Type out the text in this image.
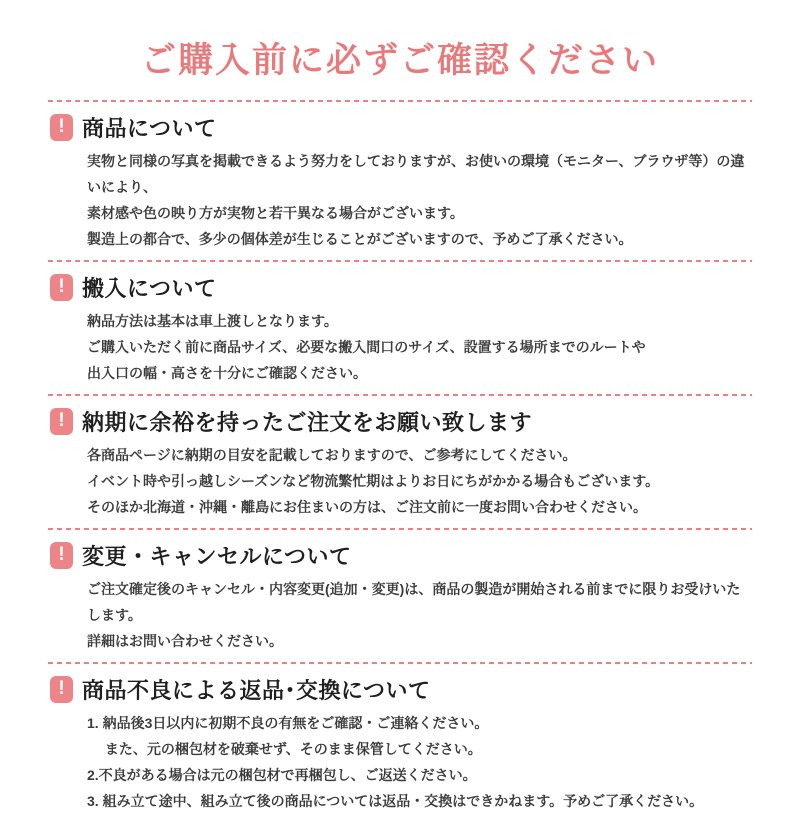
ご購入前に必ずご確認ください
! 商品について
実物と同様の写真を掲載できるよう努力をしておりますが、お使いの環境（モニター、ブラウザ等）の違いにより、
素材感や色の映り方が実物と若干異なる場合がございます。
製造上の都合で、多少の個体差が生じることがございますので、予めご了承ください。
! 搬入について
納品方法は基本は車上渡しとなります。
ご購入いただく前に商品サイズ、必要な搬入間口のサイズ、設置する場所までのルートや
出入口の幅・高さを十分にご確認ください。
! 納期に余裕を持ったご注文をお願い致します
各商品ページに納期の目安を記載しておりますので、ご参考にしてください。
イベント時や引っ越しシーズンなど物流繁忙期はよりお日にちがかかる場合もございます。
そのほか北海道・沖縄・離島にお住まいの方は、ご注文前に一度お問い合わせください。
! 変更・キャンセルについて
ご注文確定後のキャンセル・内容変更(追加・変更)は、商品の製造が開始される前までに限りお受けいたします。
詳細はお問い合わせください。
! 商品不良による返品･交換について
1. 納品後3日以内に初期不良の有無をご確認・ご連絡ください。
　 また、元の梱包材を破棄せず、そのまま保管してください。
2.不良がある場合は元の梱包材で再梱包し、ご返送ください。
3. 組み立て途中、組み立て後の商品については返品・交換はできかねます。予めご了承ください。
